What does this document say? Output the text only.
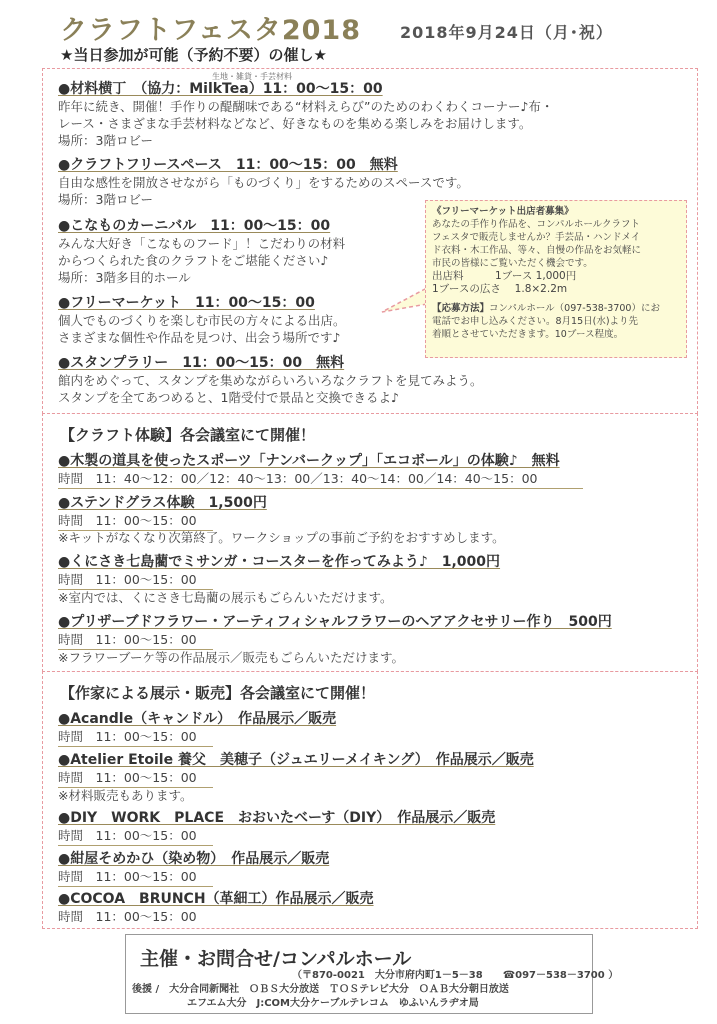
クラフトフェスタ2018 2018年9月24日（月･祝）
★当日参加が可能（予約不要）の催し★
生地・雑貨・手芸材料
●材料横丁　（協力：MilkTea）11：00～15：00
昨年に続き、開催！手作りの醍醐味である“材料えらび”のためのわくわくコーナー♪布・
レース・さまざまな手芸材料などなど、好きなものを集める楽しみをお届けします。
場所：3階ロビー
●クラフトフリースペース　11：00～15：00　無料
自由な感性を開放させながら「ものづくり」をするためのスペースです。
場所：3階ロビー
●こなものカーニバル　11：00～15：00
みんな大好き「こなものフード」！こだわりの材料
からつくられた食のクラフトをご堪能ください♪
場所：3階多目的ホール
●フリーマーケット　11：00～15：00
個人でものづくりを楽しむ市民の方々による出店。
さまざまな個性や作品を見つけ、出会う場所です♪
●スタンプラリー　11：00～15：00　無料
館内をめぐって、スタンプを集めながらいろいろなクラフトを見てみよう。
スタンプを全てあつめると、1階受付で景品と交換できるよ♪
《フリーマーケット出店者募集》
あなたの手作り作品を、コンパルホールクラフト
フェスタで販売しませんか？手芸品・ハンドメイ
ド衣料・木工作品、等々、自慢の作品をお気軽に
市民の皆様にご覧いただく機会です。
出店料　　　1ブース 1,000円
1ブースの広さ　 1.8×2.2m
【応募方法】コンパルホール（097-538-3700）にお
電話でお申し込みください。8月15日(水)より先
着順とさせていただきます。10ブース程度。
【クラフト体験】各会議室にて開催！
●木製の道具を使ったスポーツ「ナンバークップ」「エコボール」の体験♪　無料
時間　11：40～12：00／12：40～13：00／13：40～14：00／14：40～15：00
●ステンドグラス体験　1,500円
時間　11：00～15：00
※キットがなくなり次第終了。ワークショップの事前ご予約をおすすめします。
●くにさき七島藺でミサンガ・コースターを作ってみよう♪　1,000円
時間　11：00～15：00
※室内では、くにさき七島藺の展示もごらんいただけます。
●プリザーブドフラワー・アーティフィシャルフラワーのヘアアクセサリー作り　500円
時間　11：00～15：00
※フラワーブーケ等の作品展示／販売もごらんいただけます。
【作家による展示・販売】各会議室にて開催！
●Acandle（キャンドル）　作品展示／販売
時間　11：00～15：00
●Atelier Etoile 養父　美穂子（ジュエリーメイキング）　作品展示／販売
時間　11：00～15：00
※材料販売もあります。
●DIY　WORK　PLACE　おおいたベーす（DIY）　作品展示／販売
時間　11：00～15：00
●紺屋そめかひ（染め物）　作品展示／販売
時間　11：00～15：00
●COCOA　BRUNCH（革細工）作品展示／販売
時間　11：00～15：00
主催・お問合せ/コンパルホール
（〒870-0021　大分市府内町1－5－38　　☎097－538－3700 ）
後援 /　大分合同新聞社　ＯＢＳ大分放送　ＴＯＳテレビ大分　ＯＡＢ大分朝日放送
エフエム大分　J:COM大分ケーブルテレコム　ゆふいんラヂオ局
